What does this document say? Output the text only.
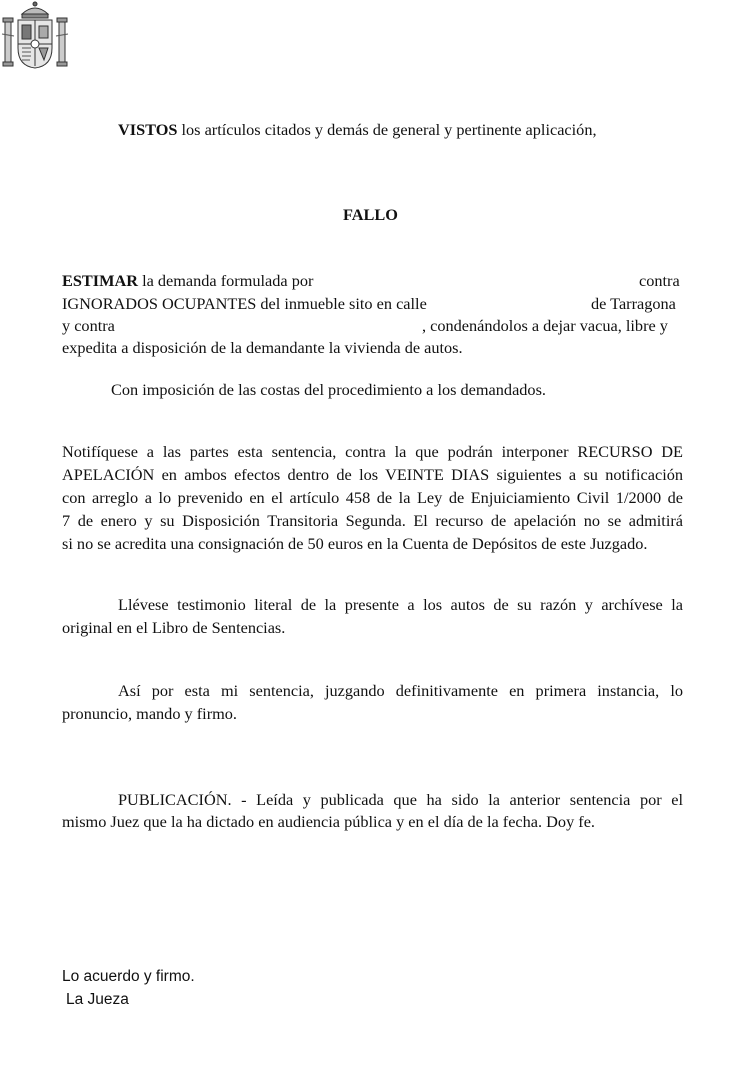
VISTOS los artículos citados y demás de general y pertinente aplicación,
FALLO
ESTIMAR la demanda formulada por	contra
IGNORADOS OCUPANTES del inmueble sito en calle	de Tarragona
y contra	, condenándolos a dejar vacua, libre y
expedita a disposición de la demandante la vivienda de autos.
Con imposición de las costas del procedimiento a los demandados.
Notifíquese a las partes esta sentencia, contra la que podrán interponer RECURSO DE
APELACIÓN en ambos efectos dentro de los VEINTE DIAS siguientes a su notificación
con arreglo a lo prevenido en el artículo 458 de la Ley de Enjuiciamiento Civil 1/2000 de
7 de enero y su Disposición Transitoria Segunda. El recurso de apelación no se admitirá
si no se acredita una consignación de 50 euros en la Cuenta de Depósitos de este Juzgado.
Llévese testimonio literal de la presente a los autos de su razón y archívese la
original en el Libro de Sentencias.
Así por esta mi sentencia, juzgando definitivamente en primera instancia, lo
pronuncio, mando y firmo.
PUBLICACIÓN. - Leída y publicada que ha sido la anterior sentencia por el
mismo Juez que la ha dictado en audiencia pública y en el día de la fecha. Doy fe.
Lo acuerdo y firmo.
La Jueza
